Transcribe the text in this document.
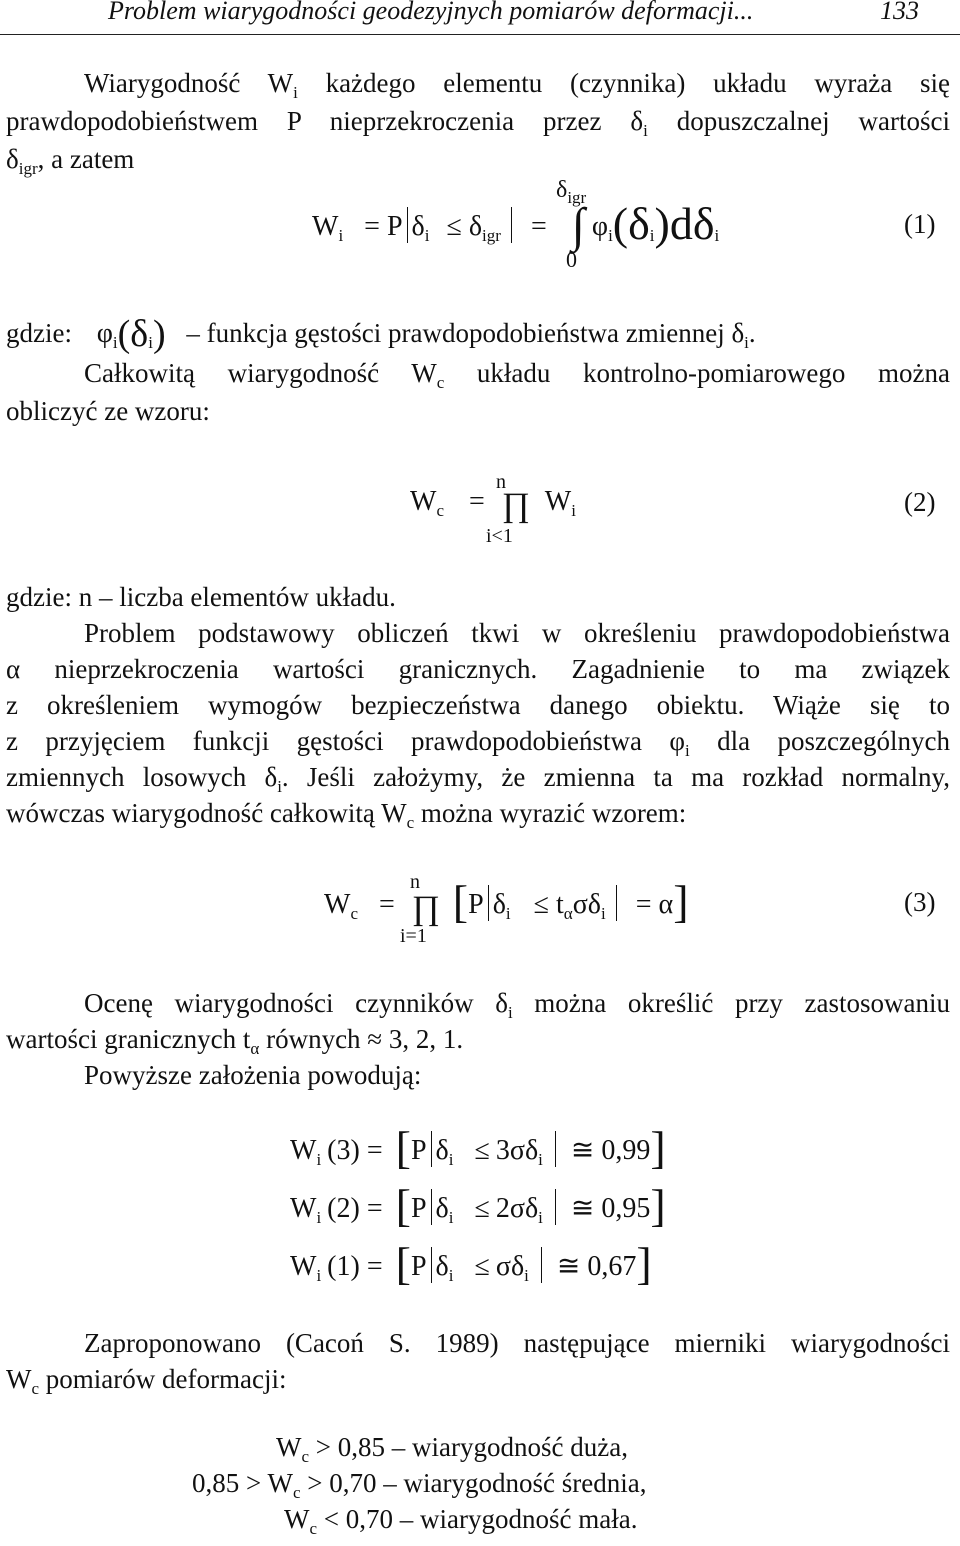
Problem wiarygodności geodezyjnych pomiarów deformacji...	133
Wiarygodność $W_i$ każdego elementu (czynnika) układu wyraża się
prawdopodobieństwem P nieprzekroczenia przez $\delta_i$ dopuszczalnej wartości
$\delta_{igr}$, a zatem
$W_i = P$ $\delta_i \le \delta_{igr}$ = ∫ $\varphi_i(\delta_i)d\delta_i$
$\delta_{igr}$
0
(1)
gdzie: $\varphi_i(\delta_i)$ – funkcja gęstości prawdopodobieństwa zmiennej $\delta_i$.
Całkowitą wiarygodność $W_c$ układu kontrolno-pomiarowego można
obliczyć ze wzoru:
$W_c$ = ∏ $W_i$
n
i<1
(2)
gdzie: n – liczba elementów układu.
Problem podstawowy obliczeń tkwi w określeniu prawdopodobieństwa
α nieprzekroczenia wartości granicznych. Zagadnienie to ma związek
z określeniem wymogów bezpieczeństwa danego obiektu. Wiąże się to
z przyjęciem funkcji gęstości prawdopodobieństwa $\varphi_i$ dla poszczególnych
zmiennych losowych $\delta_i$. Jeśli założymy, że zmienna ta ma rozkład normalny,
wówczas wiarygodność całkowitą $W_c$ można wyrazić wzorem:
$W_c$ = ∏ [P $\delta_i \le t_\alpha\sigma\delta_i = \alpha$]
n
i=1
(3)
Ocenę wiarygodności czynników $\delta_i$ można określić przy zastosowaniu
wartości granicznych $t_\alpha$ równych ≈ 3, 2, 1.
Powyższe założenia powodują:
$W_i$ (3) = [P $\delta_i \le 3\sigma\delta_i$ ≅ 0,99]
$W_i$ (2) = [P $\delta_i \le 2\sigma\delta_i$ ≅ 0,95]
$W_i$ (1) = [P $\delta_i \le \sigma\delta_i$ ≅ 0,67]
Zaproponowano (Cacoń S. 1989) następujące mierniki wiarygodności
$W_c$ pomiarów deformacji:
$W_c > 0,85$ – wiarygodność duża,
$0,85 > W_c > 0,70$ – wiarygodność średnia,
$W_c < 0,70$ – wiarygodność mała.
